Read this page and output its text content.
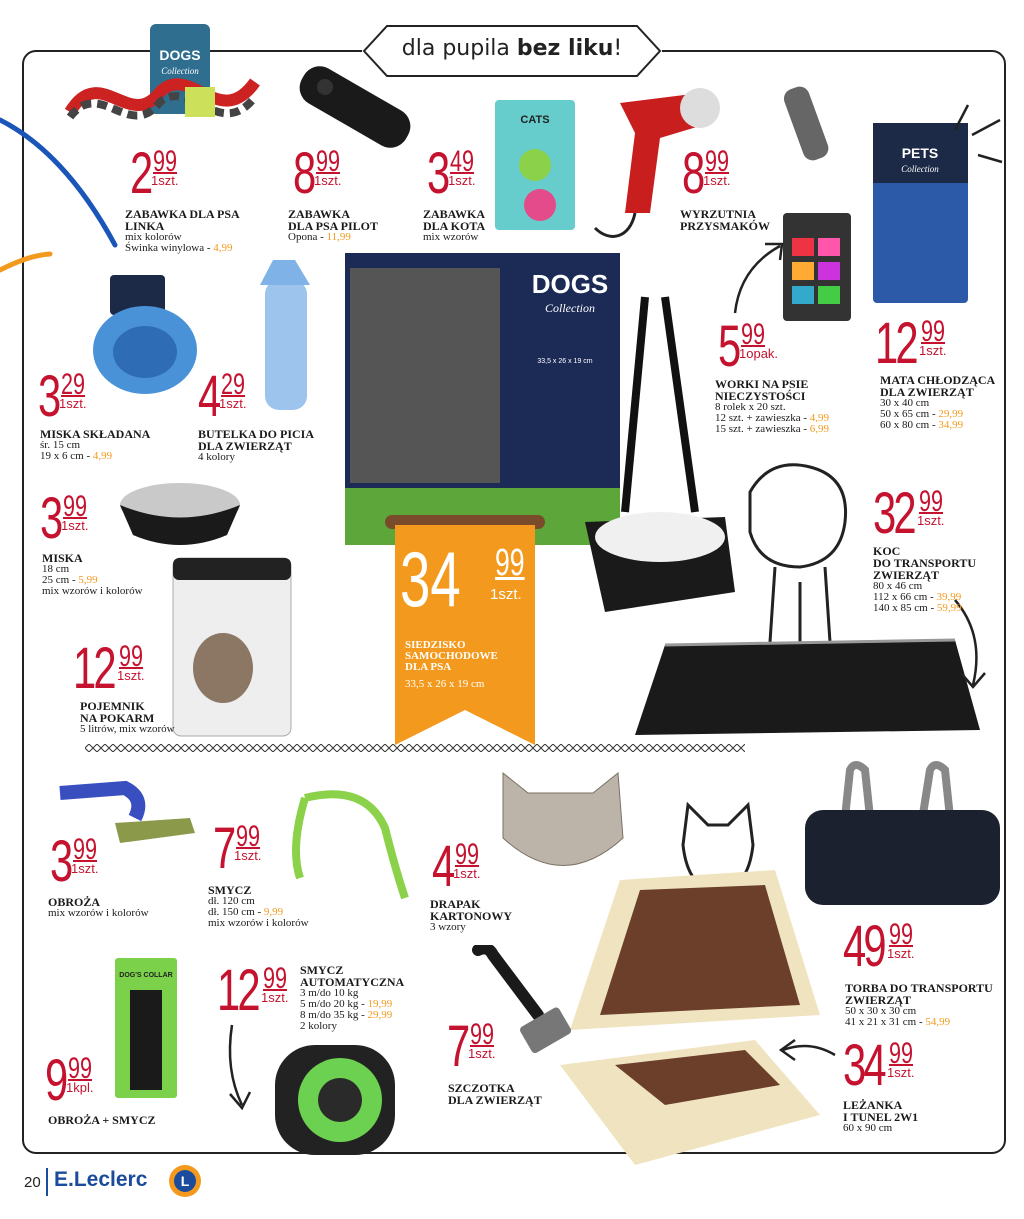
dla pupila bez liku!
DOGS
Collection
CATS
PETS
Collection
DOGS
Collection
33,5 x 26 x 19 cm
DOG'S COLLAR
34 99
1szt.
SIEDZISKO
SAMOCHODOWE
DLA PSA
33,5 x 26 x 19 cm
2 99
1szt.
ZABAWKA DLA PSA
LINKA
mix kolorów
Świnka winylowa - 4,99
8 99
1szt.
ZABAWKA
DLA PSA PILOT
Opona - 11,99
3 49
1szt.
ZABAWKA
DLA KOTA
mix wzorów
8 99
1szt.
WYRZUTNIA
PRZYSMAKÓW
3 29
1szt.
MISKA SKŁADANA
śr. 15 cm
19 x 6 cm - 4,99
4 29
1szt.
BUTELKA DO PICIA
DLA ZWIERZĄT
4 kolory
5 99
1opak.
WORKI NA PSIE
NIECZYSTOŚCI
8 rolek x 20 szt.
12 szt. + zawieszka - 4,99
15 szt. + zawieszka - 6,99
12 99
1szt.
MATA CHŁODZĄCA
DLA ZWIERZĄT
30 x 40 cm
50 x 65 cm - 29,99
60 x 80 cm - 34,99
3 99
1szt.
MISKA
18 cm
25 cm - 5,99
mix wzorów i kolorów
32 99
1szt.
KOC
DO TRANSPORTU
ZWIERZĄT
80 x 46 cm
112 x 66 cm - 39,99
140 x 85 cm - 59,99
12 99
1szt.
POJEMNIK
NA POKARM
5 litrów, mix wzorów
3 99
1szt.
OBROŻA
mix wzorów i kolorów
7 99
1szt.
SMYCZ
dł. 120 cm
dł. 150 cm - 9,99
mix wzorów i kolorów
4 99
1szt.
DRAPAK
KARTONOWY
3 wzory	49 99
1szt.
TORBA DO TRANSPORTU
ZWIERZĄT
50 x 30 x 30 cm
41 x 21 x 31 cm - 54,99
12 99
1szt.
SMYCZ
AUTOMATYCZNA
3 m/do 10 kg
5 m/do 20 kg - 19,99
8 m/do 35 kg - 29,99
2 kolory
9 99
1kpl.
OBROŻA + SMYCZ
7 99
1szt.
SZCZOTKA
DLA ZWIERZĄT
34 99
1szt.
LEŻANKA
I TUNEL 2W1
60 x 90 cm
20 E.Leclerc L
